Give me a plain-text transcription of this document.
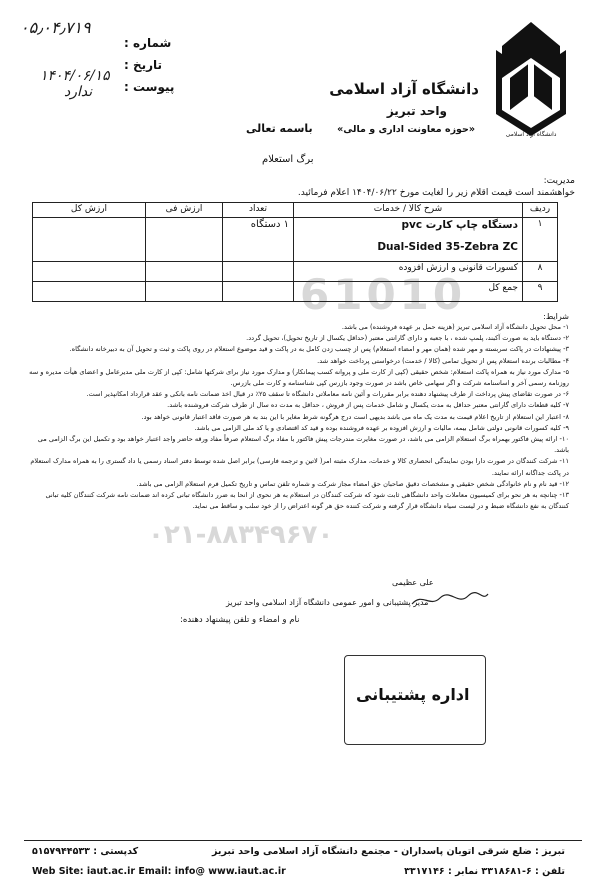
دانشگاه آزاد اسلامی
دانشگاه آزاد اسلامی
واحد تبریز
«حوزه معاونت اداری و مالی»
باسمه تعالی
شماره :
تاریخ :
پیوست :
۰۵٫۰۴٫۷۱۹
۱۴۰۴/۰۶/۱۵
ندارد
برگ استعلام
مدیریت:
خواهشمند است قیمت اقلام زیر را لغایت مورخ ۱۴۰۴/۰۶/۲۲ اعلام فرمائید.
61010
۰۲۱-۸۸۳۴۹۶۷۰
ردیف	شرح کالا / خدمات	تعداد	ارزش فی	ارزش کل
۱	دستگاه چاپ کارت pvc
Dual-Sided 35-Zebra ZC	۱ دستگاه		
۸	کسورات قانونی و ارزش افزوده			
۹	جمع کل			
شرایط:
۱- محل تحویل دانشگاه آزاد اسلامی تبریز (هزینه حمل بر عهده فروشنده) می باشد.
۲- دستگاه باید به صورت آکبند، پلمپ شده ، با جعبه و دارای گارانتی معتبر (حداقل یکسال از تاریخ تحویل)، تحویل گردد.
۳- پیشنهادات در پاکت سربسته و مهر شده (همان مهر و امضاء استعلام) پس از چسب زدن کامل به در پاکت و قید موضوع استعلام در روی پاکت و ثبت و تحویل آن به دبیرخانه دانشگاه.
۴- مطالبات برنده استعلام پس از تحویل تمامی (کالا / خدمت) درخواستی پرداخت خواهد شد.
۵- مدارک مورد نیاز به همراه پاکت استعلام: شخص حقیقی (کپی از کارت ملی و پروانه کسب پیمانکار) و مدارک مورد نیاز برای شرکتها شامل: کپی از کارت ملی مدیرعامل و اعضای هیأت مدیره و سه روزنامه رسمی آخر و اساسنامه شرکت و اگر سهامی خاص باشد در صورت وجود بازرس کپی شناسنامه و کارت ملی بازرس.
۶- در صورت تقاضای پیش پرداخت از طرف پیشنهاد دهنده برابر مقررات و آئین نامه معاملاتی دانشگاه تا سقف ۲۵٪ در قبال اخذ ضمانت نامه بانکی و عقد قرارداد امکانپذیر است.
۷- کلیه قطعات دارای گارانتی معتبر حداقل به مدت یکسال و شامل خدمات پس از فروش ، حداقل به مدت ده سال از طرف شرکت فروشنده باشد.
۸- اعتبار این استعلام از تاریخ اعلام قیمت به مدت یک ماه می باشد بدیهی است درج هرگونه شرط مغایر با این بند به هر صورت فاقد اعتبار قانونی خواهد بود.
۹- کلیه کسورات قانونی دولتی شامل بیمه، مالیات و ارزش افزوده بر عهده فروشنده بوده و قید کد اقتصادی و یا کد ملی الزامی می باشد.
۱۰- ارائه پیش فاکتور بهمراه برگ استعلام الزامی می باشد، در صورت مغایرت مندرجات پیش فاکتور با مفاد برگ استعلام صرفاً مفاد ورقه حاضر واجد اعتبار خواهد بود و تکمیل این برگ الزامی می باشد.
۱۱- شرکت کنندگان در صورت دارا بودن نمایندگی انحصاری کالا و خدمات، مدارک مثبته امر( لاتین و ترجمه فارسی) برابر اصل شده توسط دفتر اسناد رسمی یا داد گستری را به همراه مدارک استعلام در پاکت جداگانه ارائه نمایند.
۱۲- قید نام و نام خانوادگی شخص حقیقی و مشخصات دقیق صاحبان حق امضاء مجاز شرکت و شماره تلفن تماس و تاریخ تکمیل فرم استعلام الزامی می باشد.
۱۳- چنانچه به هر نحو برای کمیسیون معاملات واحد دانشگاهی ثابت شود که شرکت کنندگان در استعلام به هر نحوی از انحا به ضرر دانشگاه تبانی کرده اند ضمانت نامه شرکت کنندگان کلیه تبانی کنندگان به نفع دانشگاه ضبط و در لیست سیاه دانشگاه قرار گرفته و شرکت کننده حق هر گونه اعتراض را از خود سلب و ساقط می نماید.
علی عظیمی
مدیر پشتیبانی و امور عمومی دانشگاه آزاد اسلامی واحد تبریز
نام و امضاء و تلفن پیشنهاد دهنده:
اداره پشتیبانی
تبریز : ضلع شرقی اتوبان پاسداران - مجتمع دانشگاه آزاد اسلامی واحد تبریز
کدپستی : ۵۱۵۷۹۴۴۵۳۳
تلفن : ۶-۳۳۱۸۶۸۱ نمابر : ۳۳۱۷۱۴۶
Web Site: iaut.ac.ir Email: info@ www.iaut.ac.ir
